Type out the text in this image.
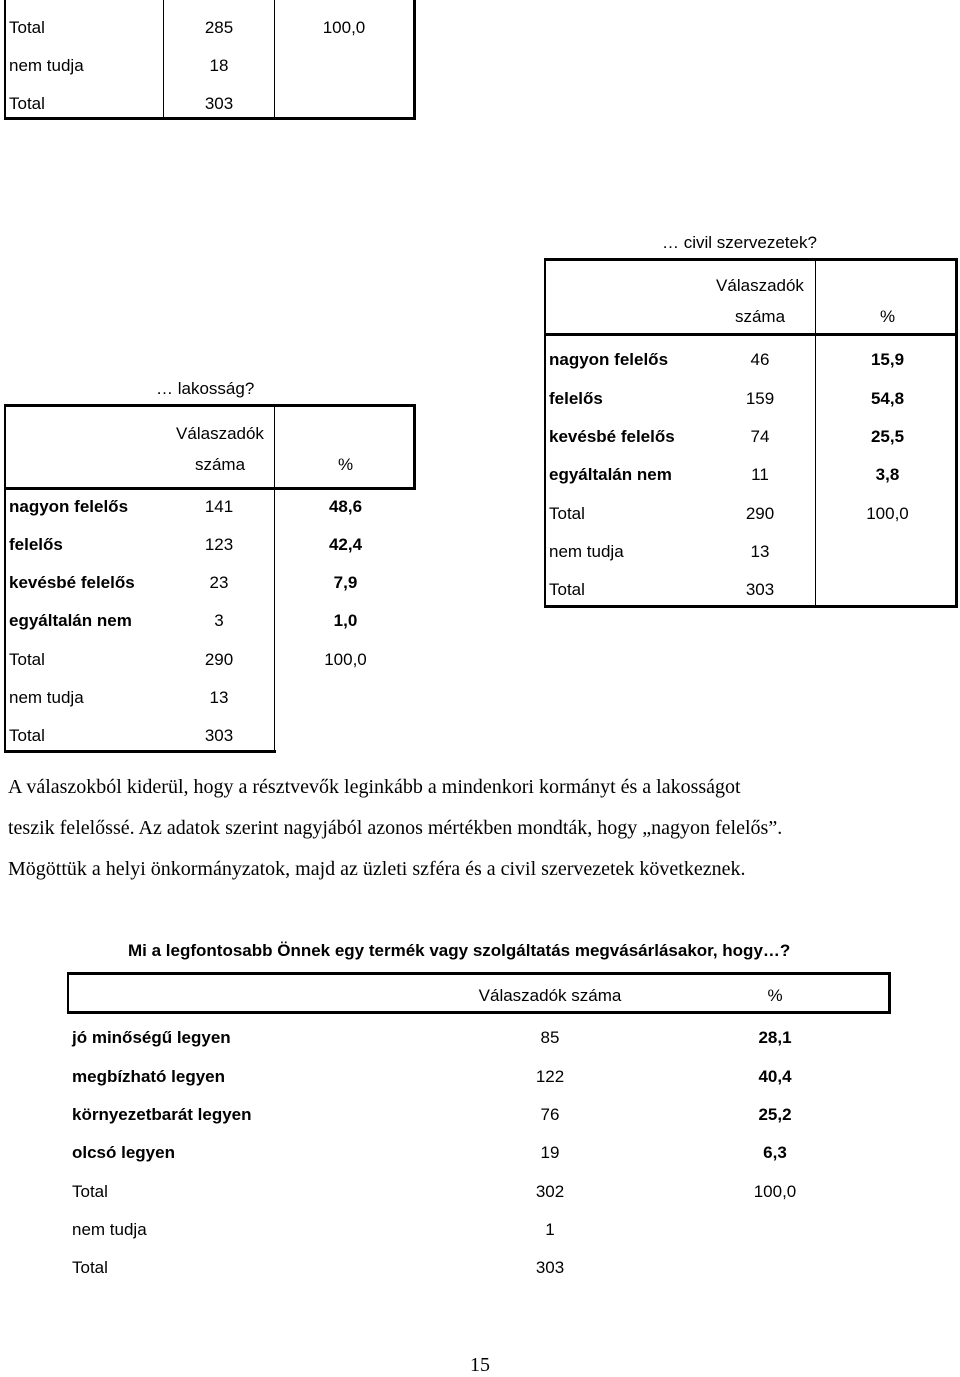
Total	285	100,0
nem tudja	18
Total	303
… lakosság?
Válaszadók
száma	%
nagyon felelős	141	48,6
felelős	123	42,4
kevésbé felelős	23	7,9
egyáltalán nem	3	1,0
Total	290	100,0
nem tudja	13
Total	303
… civil szervezetek?
Válaszadók
száma	%
nagyon felelős	46	15,9
felelős	159	54,8
kevésbé felelős	74	25,5
egyáltalán nem	11	3,8
Total	290	100,0
nem tudja	13
Total	303
A válaszokból kiderül, hogy a résztvevők leginkább a mindenkori kormányt és a lakosságot
teszik felelőssé. Az adatok szerint nagyjából azonos mértékben mondták, hogy „nagyon felelős”.
Mögöttük a helyi önkormányzatok, majd az üzleti szféra és a civil szervezetek következnek.
Mi a legfontosabb Önnek egy termék vagy szolgáltatás megvásárlásakor, hogy…?
Válaszadók száma	%
jó minőségű legyen	85	28,1
megbízható legyen	122	40,4
környezetbarát legyen	76	25,2
olcsó legyen	19	6,3
Total	302	100,0
nem tudja	1
Total	303
15
